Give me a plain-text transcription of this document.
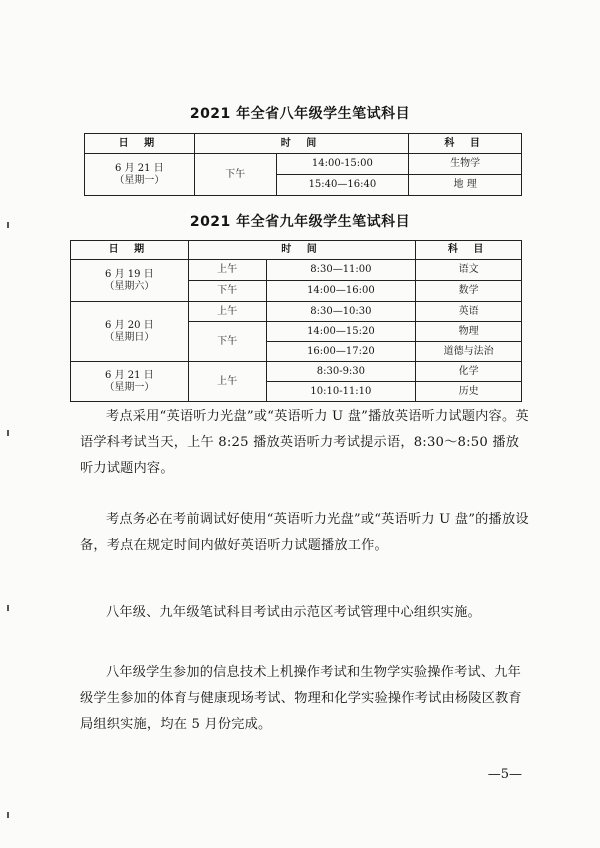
2021 年全省八年级学生笔试科目
日 期	时 间		科 目

6 月 21 日
（星期一）	下午	14:00-15:00	生物学
		15:40—16:40	地 理
2021 年全省九年级学生笔试科目
日 期	时 间		科 目

6 月 19 日
（星期六）	上午	8:30—11:00	语文
	下午	14:00—16:00	数学

6 月 20 日
（星期日）	上午	8:30—10:30	英语
	下午	14:00—15:20	物理
		16:00—17:20	道德与法治

6 月 21 日
（星期一）	上午	8:30-9:30	化学
		10:10-11:10	历史

考点采用“英语听力光盘”或“英语听力 U 盘”播放英语听力试题内容。英语学科考试当天，上午 8:25 播放英语听力考试提示语，8:30～8:50 播放听力试题内容。

考点务必在考前调试好使用“英语听力光盘”或“英语听力 U 盘”的播放设备，考点在规定时间内做好英语听力试题播放工作。

八年级、九年级笔试科目考试由示范区考试管理中心组织实施。

八年级学生参加的信息技术上机操作考试和生物学实验操作考试、九年级学生参加的体育与健康现场考试、物理和化学实验操作考试由杨陵区教育局组织实施，均在 5 月份完成。

—5—
